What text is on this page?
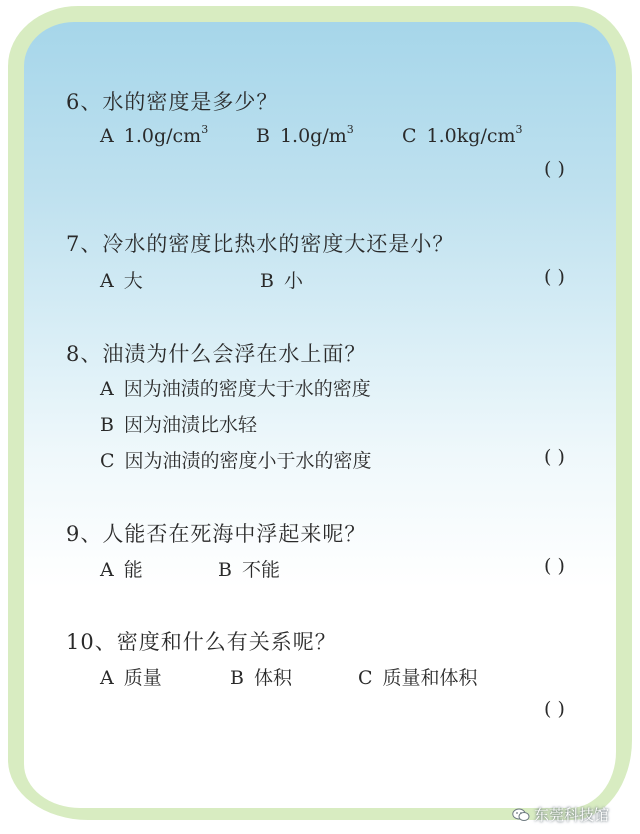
6、水的密度是多少？
A $1.0g/cm^3$	B $1.0g/m^3$	C $1.0kg/cm^3$
( )
7、冷水的密度比热水的密度大还是小？
A 大	B 小	( )
8、油渍为什么会浮在水上面？
A 因为油渍的密度大于水的密度
B 因为油渍比水轻
C 因为油渍的密度小于水的密度	( )
9、人能否在死海中浮起来呢？
A 能	B 不能	( )
10、密度和什么有关系呢？
A 质量	B 体积	C 质量和体积
( )
东莞科技馆
